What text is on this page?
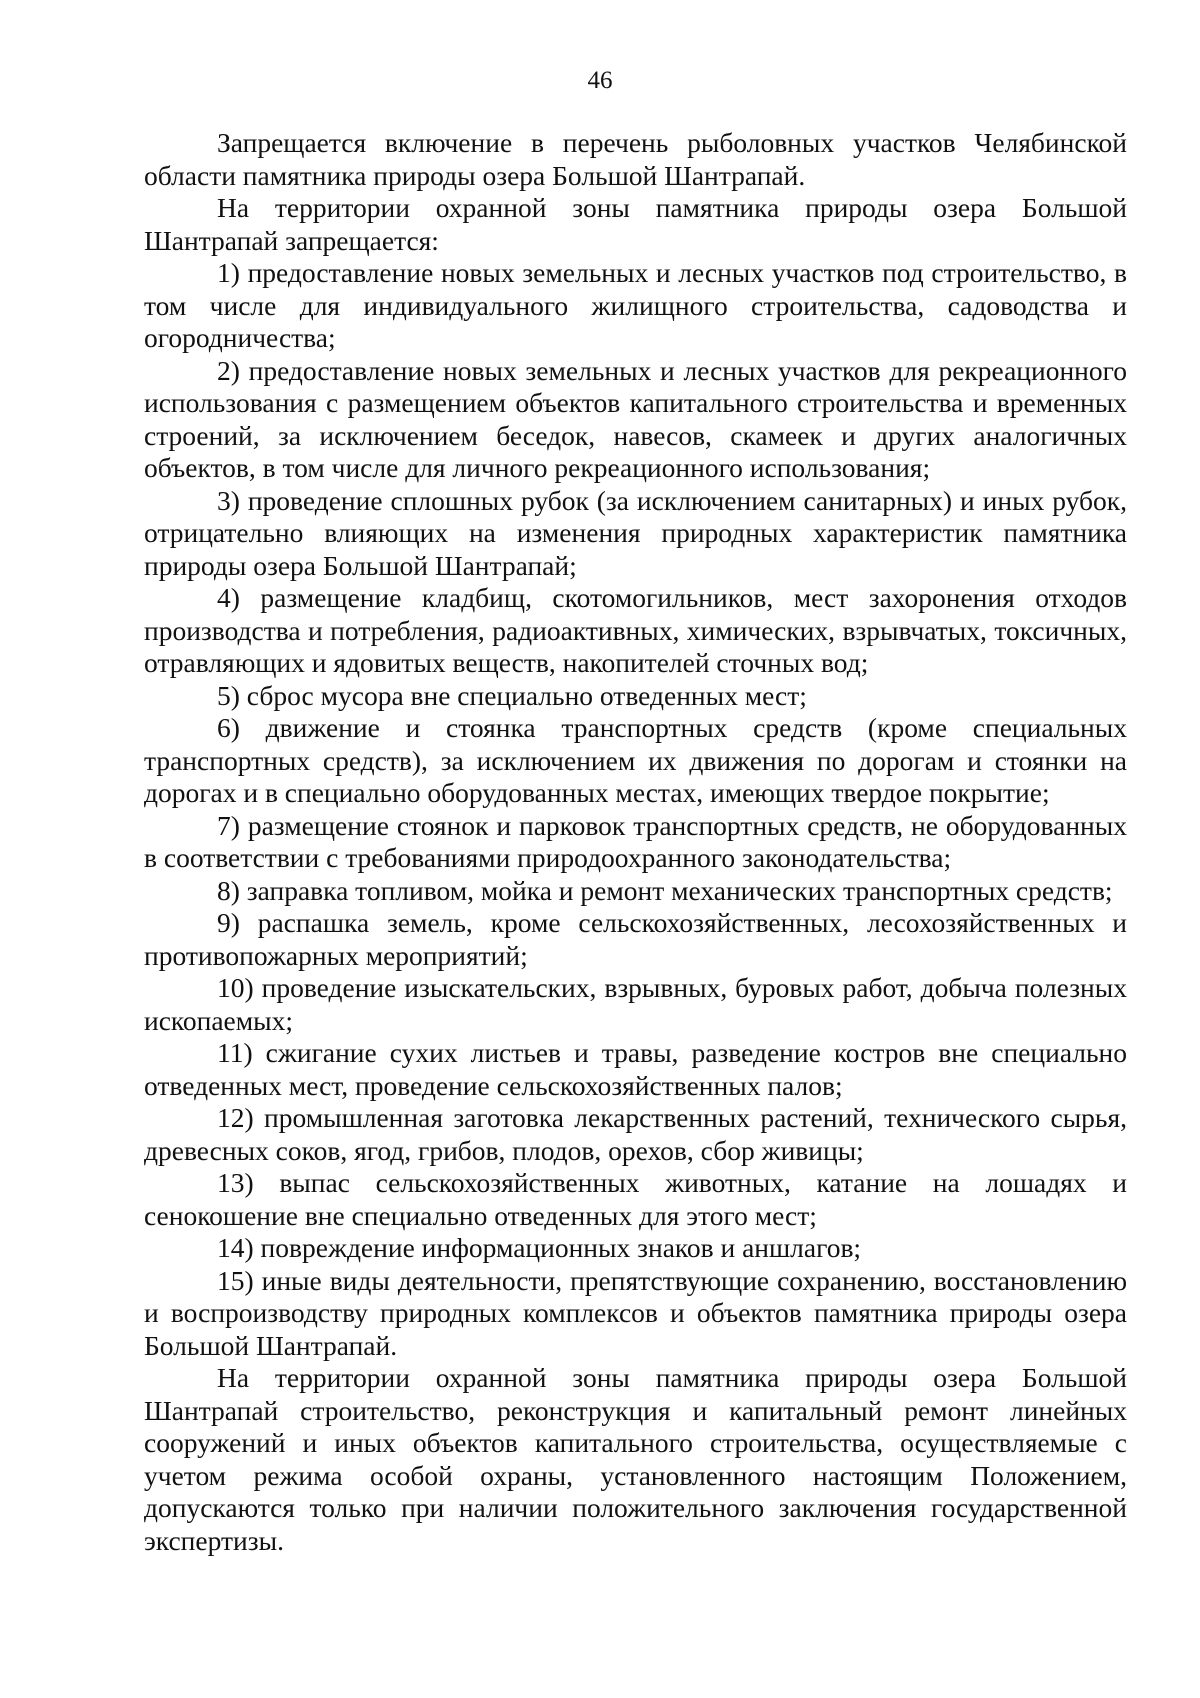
46

Запрещается включение в перечень рыболовных участков Челябинской области памятника природы озера Большой Шантрапай.

На территории охранной зоны памятника природы озера Большой Шантрапай запрещается:

1) предоставление новых земельных и лесных участков под строительство, в том числе для индивидуального жилищного строительства, садоводства и огородничества;

2) предоставление новых земельных и лесных участков для рекреационного использования с размещением объектов капитального строительства и временных строений, за исключением беседок, навесов, скамеек и других аналогичных объектов, в том числе для личного рекреационного использования;

3) проведение сплошных рубок (за исключением санитарных) и иных рубок, отрицательно влияющих на изменения природных характеристик памятника природы озера Большой Шантрапай;

4) размещение кладбищ, скотомогильников, мест захоронения отходов производства и потребления, радиоактивных, химических, взрывчатых, токсичных, отравляющих и ядовитых веществ, накопителей сточных вод;

5) сброс мусора вне специально отведенных мест;

6) движение и стоянка транспортных средств (кроме специальных транспортных средств), за исключением их движения по дорогам и стоянки на дорогах и в специально оборудованных местах, имеющих твердое покрытие;

7) размещение стоянок и парковок транспортных средств, не оборудованных в соответствии с требованиями природоохранного законодательства;

8) заправка топливом, мойка и ремонт механических транспортных средств;

9) распашка земель, кроме сельскохозяйственных, лесохозяйственных и противопожарных мероприятий;

10) проведение изыскательских, взрывных, буровых работ, добыча полезных ископаемых;

11) сжигание сухих листьев и травы, разведение костров вне специально отведенных мест, проведение сельскохозяйственных палов;

12) промышленная заготовка лекарственных растений, технического сырья, древесных соков, ягод, грибов, плодов, орехов, сбор живицы;

13) выпас сельскохозяйственных животных, катание на лошадях и сенокошение вне специально отведенных для этого мест;

14) повреждение информационных знаков и аншлагов;

15) иные виды деятельности, препятствующие сохранению, восстановлению и воспроизводству природных комплексов и объектов памятника природы озера Большой Шантрапай.

На территории охранной зоны памятника природы озера Большой Шантрапай строительство, реконструкция и капитальный ремонт линейных сооружений и иных объектов капитального строительства, осуществляемые с учетом режима особой охраны, установленного настоящим Положением, допускаются только при наличии положительного заключения государственной экспертизы.
